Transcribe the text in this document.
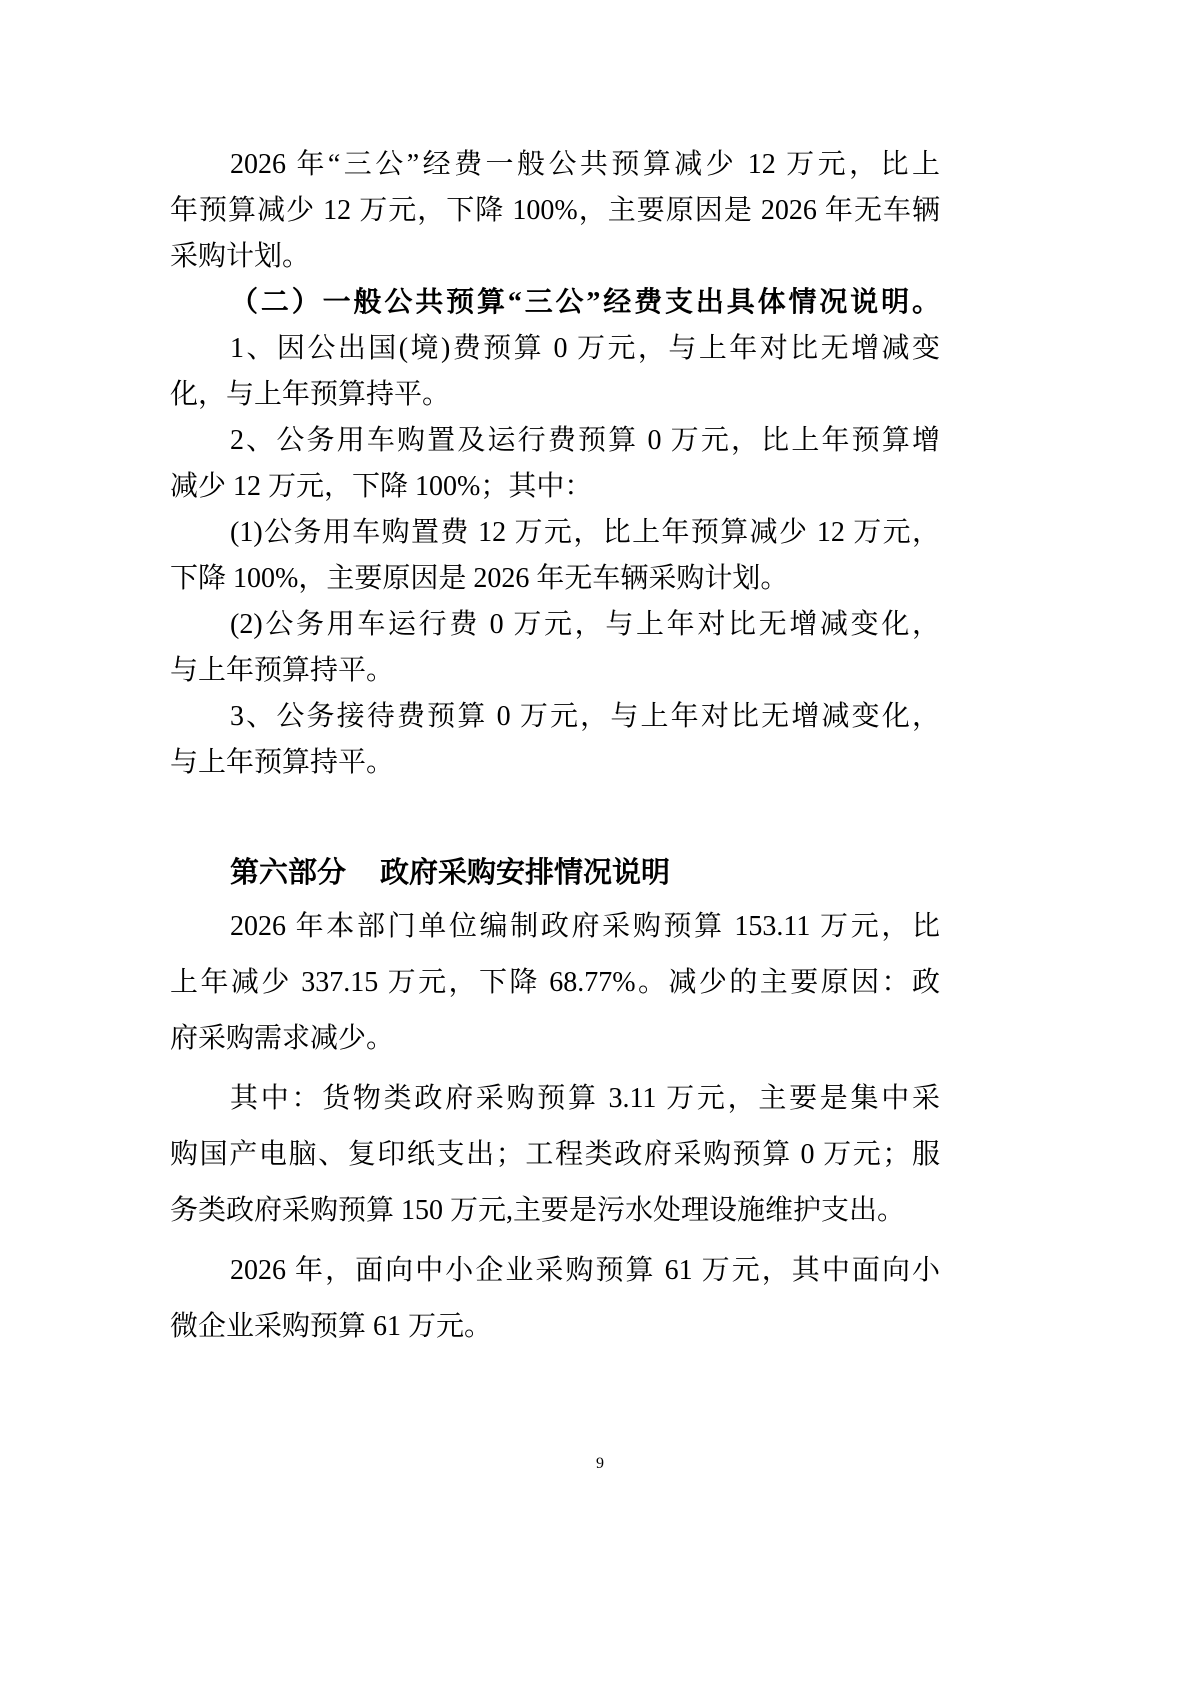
2026 年“三公”经费一般公共预算减少 12 万元，比上
年预算减少 12 万元，下降 100%，主要原因是 2026 年无车辆
采购计划。
（二）一般公共预算“三公”经费支出具体情况说明。
1、因公出国(境)费预算 0 万元，与上年对比无增减变
化，与上年预算持平。
2、公务用车购置及运行费预算 0 万元，比上年预算增
减少 12 万元，下降 100%；其中：
(1)公务用车购置费 12 万元，比上年预算减少 12 万元，
下降 100%，主要原因是 2026 年无车辆采购计划。
(2)公务用车运行费 0 万元，与上年对比无增减变化，
与上年预算持平。
3、公务接待费预算 0 万元，与上年对比无增减变化，
与上年预算持平。
第六部分 政府采购安排情况说明
2026 年本部门单位编制政府采购预算 153.11 万元，比
上年减少 337.15 万元，下降 68.77%。减少的主要原因：政
府采购需求减少。
其中：货物类政府采购预算 3.11 万元，主要是集中采
购国产电脑、复印纸支出；工程类政府采购预算 0 万元；服
务类政府采购预算 150 万元,主要是污水处理设施维护支出。
2026 年，面向中小企业采购预算 61 万元，其中面向小
微企业采购预算 61 万元。
9
